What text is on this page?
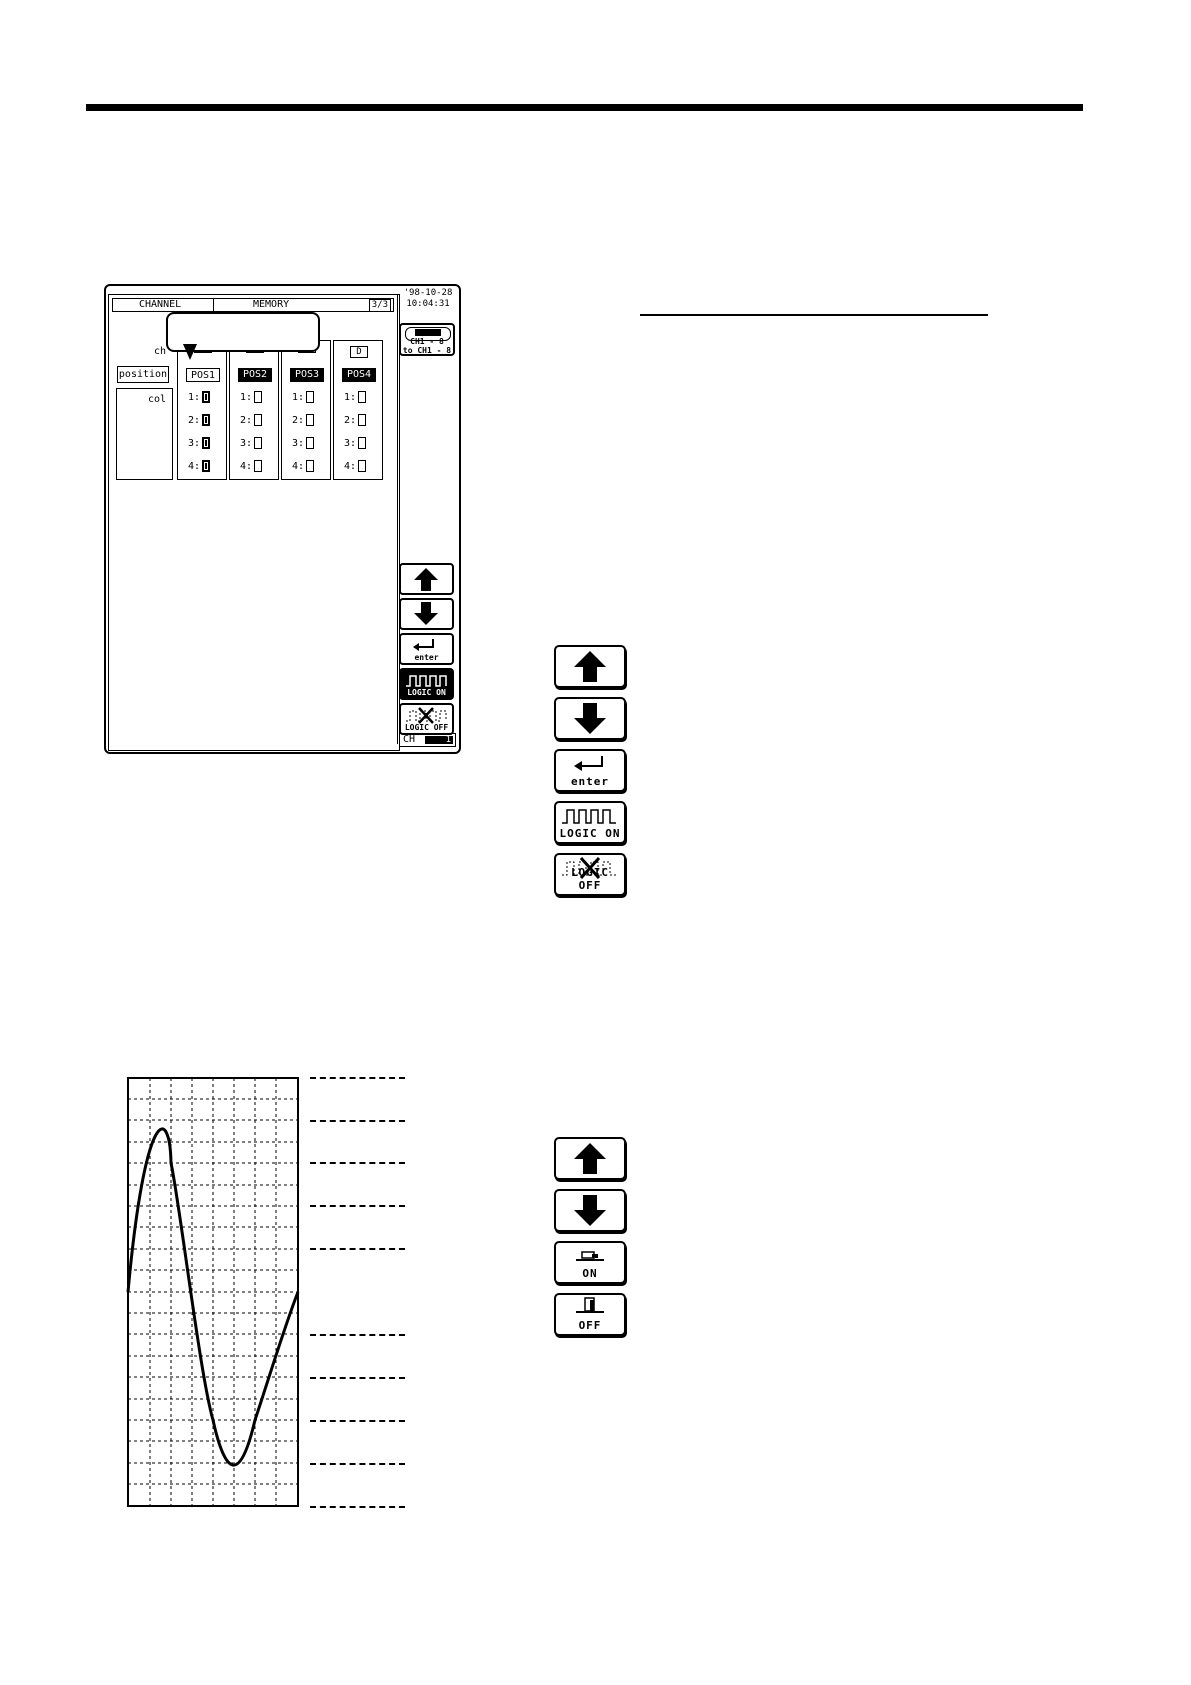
CHANNEL	MEMORY	3/3
'98-10-28
10:04:31
CH1 - 8
to CH1 - 8
ch
position
col
POS1
1:
2:
3:
4:
POS2
1:
2:
3:
4:
POS3
1:
2:
3:
4:
D
POS4
1:
2:
3:
4:
enter
LOGIC ON
LOGIC OFF
CH	1
enter
LOGIC ON
LOGIC OFF
ON
OFF
